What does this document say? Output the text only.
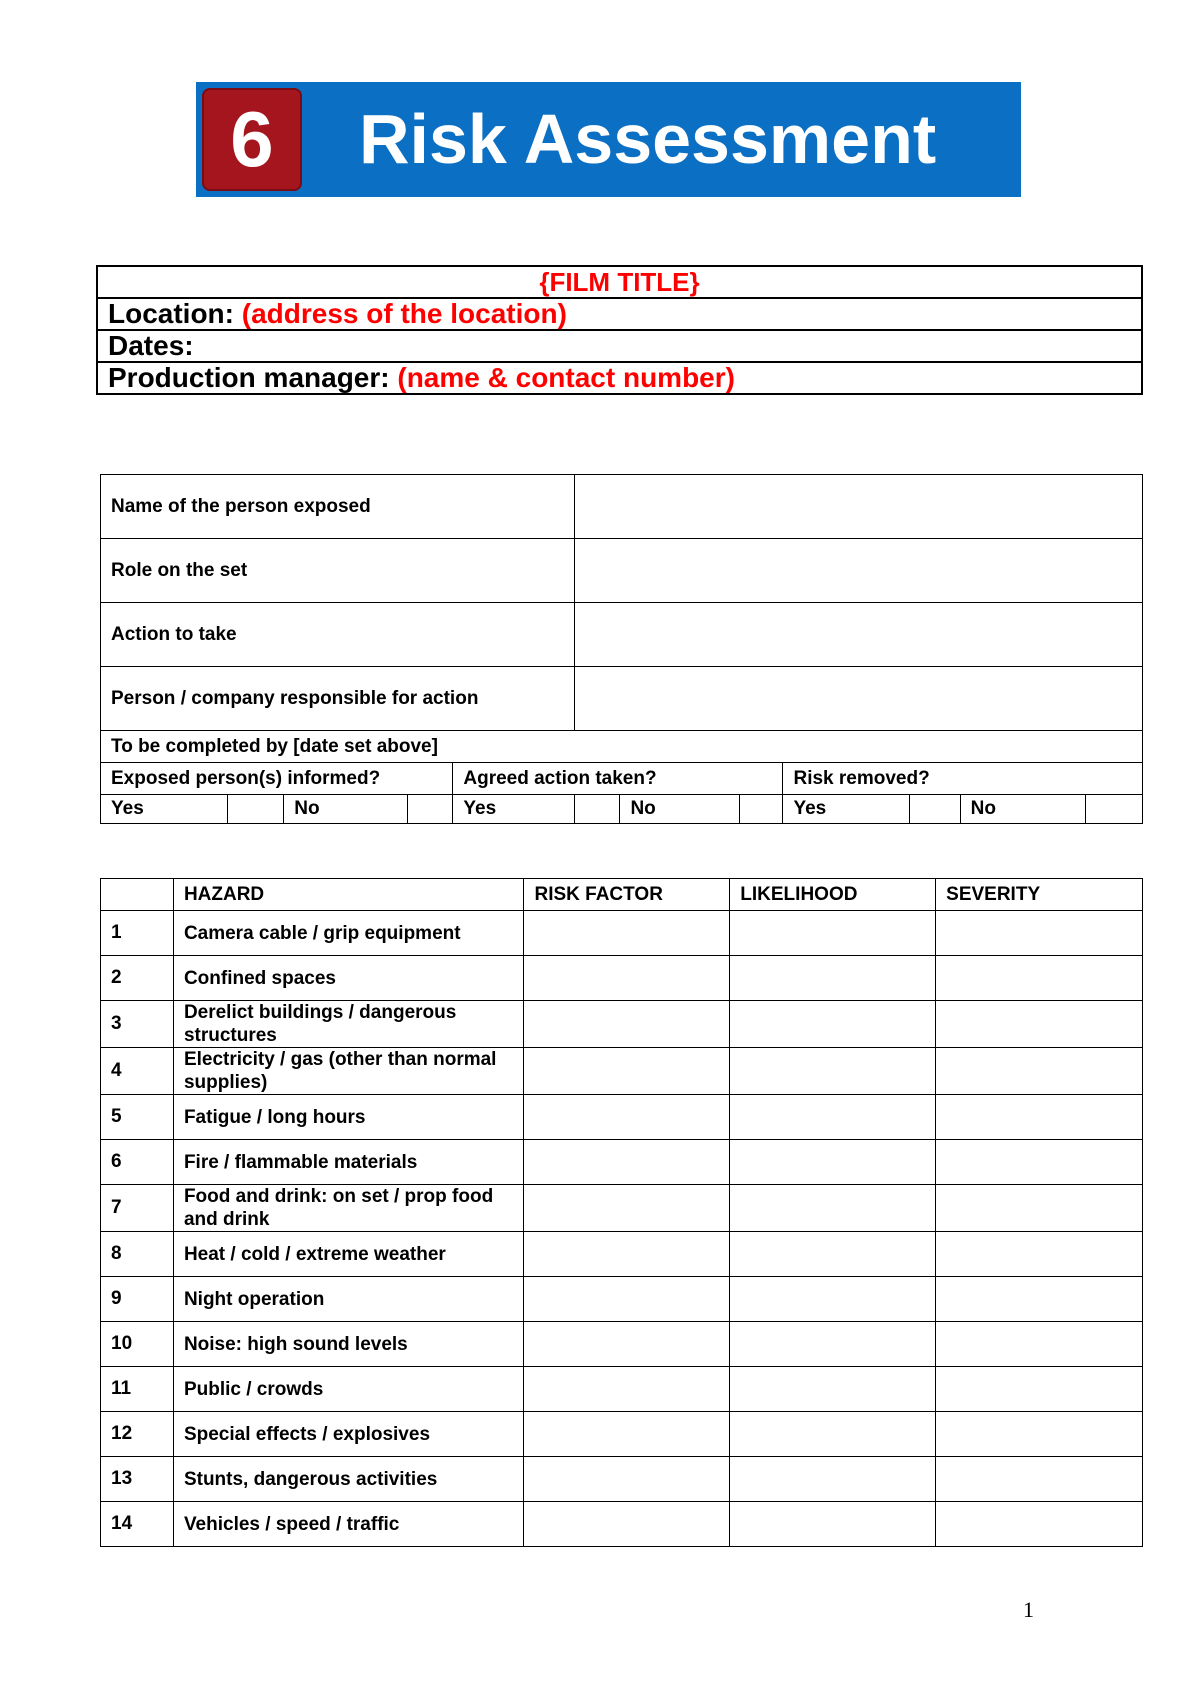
6	Risk Assessment
{FILM TITLE}
Location: (address of the location)
Dates:
Production manager: (name & contact number)
Name of the person exposed											
Role on the set											
Action to take											
Person / company responsible for action											
To be completed by [date set above]											
Exposed person(s) informed?				Agreed action taken?				Risk removed?			
Yes		No		Yes		No		Yes		No	
	HAZARD	RISK FACTOR	LIKELIHOOD	SEVERITY
1	Camera cable / grip equipment			
2	Confined spaces			
3	Derelict buildings / dangerous structures			
4	Electricity / gas (other than normal supplies)			
5	Fatigue / long hours			
6	Fire / flammable materials			
7	Food and drink: on set / prop food and drink			
8	Heat / cold / extreme weather			
9	Night operation			
10	Noise: high sound levels			
11	Public / crowds			
12	Special effects / explosives			
13	Stunts, dangerous activities			
14	Vehicles / speed / traffic			
1
